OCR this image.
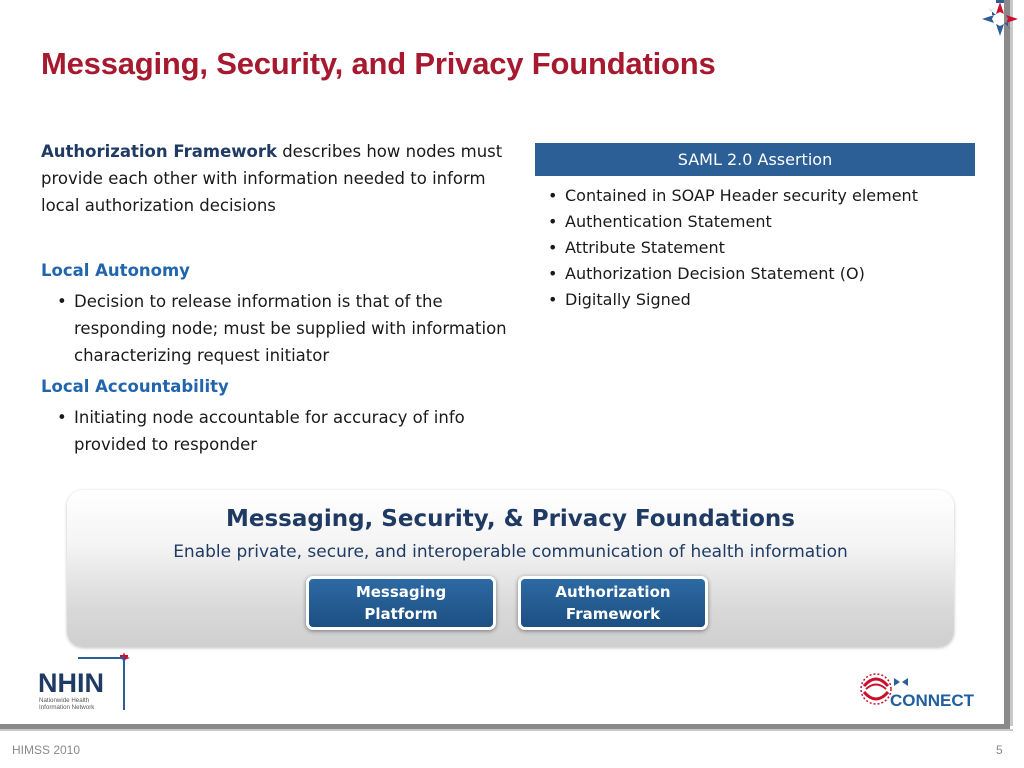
Messaging, Security, and Privacy Foundations

Authorization Framework describes how nodes must provide each other with information needed to inform local authorization decisions

Local Autonomy

• Decision to release information is that of the responding node; must be supplied with information characterizing request initiator

Local Accountability

• Initiating node accountable for accuracy of info provided to responder
SAML 2.0 Assertion
• Contained in SOAP Header security element
• Authentication Statement
• Attribute Statement
• Authorization Decision Statement (O)
• Digitally Signed

Messaging, Security, & Privacy Foundations

Enable private, secure, and interoperable communication of health information

Messaging Platform
Authorization Framework
NHIN
Nationwide Health
Information Network	CONNECT
HIMSS 2010	5
